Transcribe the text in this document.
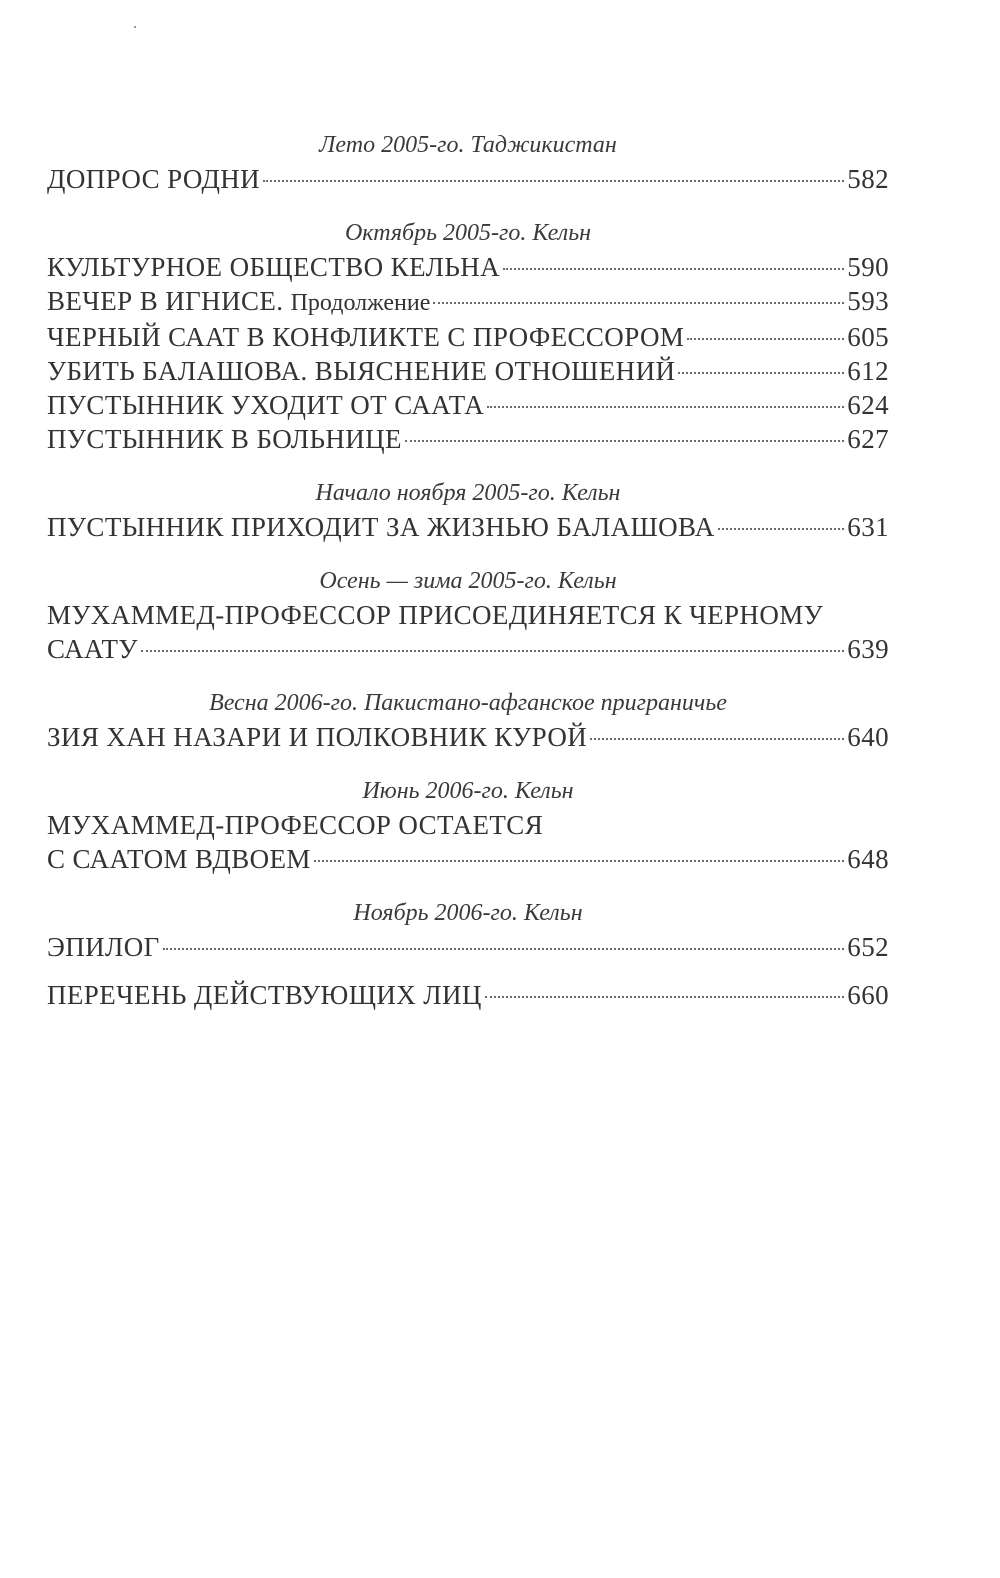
Лето 2005-го. Таджикистан
ДОПРОС РОДНИ	582
Октябрь 2005-го. Кельн
КУЛЬТУРНОЕ ОБЩЕСТВО КЕЛЬНА	590
ВЕЧЕР В ИГНИСЕ. Продолжение	593
ЧЕРНЫЙ СААТ В КОНФЛИКТЕ С ПРОФЕССОРОМ	605
УБИТЬ БАЛАШОВА. ВЫЯСНЕНИЕ ОТНОШЕНИЙ	612
ПУСТЫННИК УХОДИТ ОТ СААТА	624
ПУСТЫННИК В БОЛЬНИЦЕ	627
Начало ноября 2005-го. Кельн
ПУСТЫННИК ПРИХОДИТ ЗА ЖИЗНЬЮ БАЛАШОВА	631
Осень — зима 2005-го. Кельн
МУХАММЕД-ПРОФЕССОР ПРИСОЕДИНЯЕТСЯ К ЧЕРНОМУ
СААТУ	639
Весна 2006-го. Пакистано-афганское приграничье
ЗИЯ ХАН НАЗАРИ И ПОЛКОВНИК КУРОЙ	640
Июнь 2006-го. Кельн
МУХАММЕД-ПРОФЕССОР ОСТАЕТСЯ
С СААТОМ ВДВОЕМ	648
Ноябрь 2006-го. Кельн
ЭПИЛОГ	652
ПЕРЕЧЕНЬ ДЕЙСТВУЮЩИХ ЛИЦ	660
